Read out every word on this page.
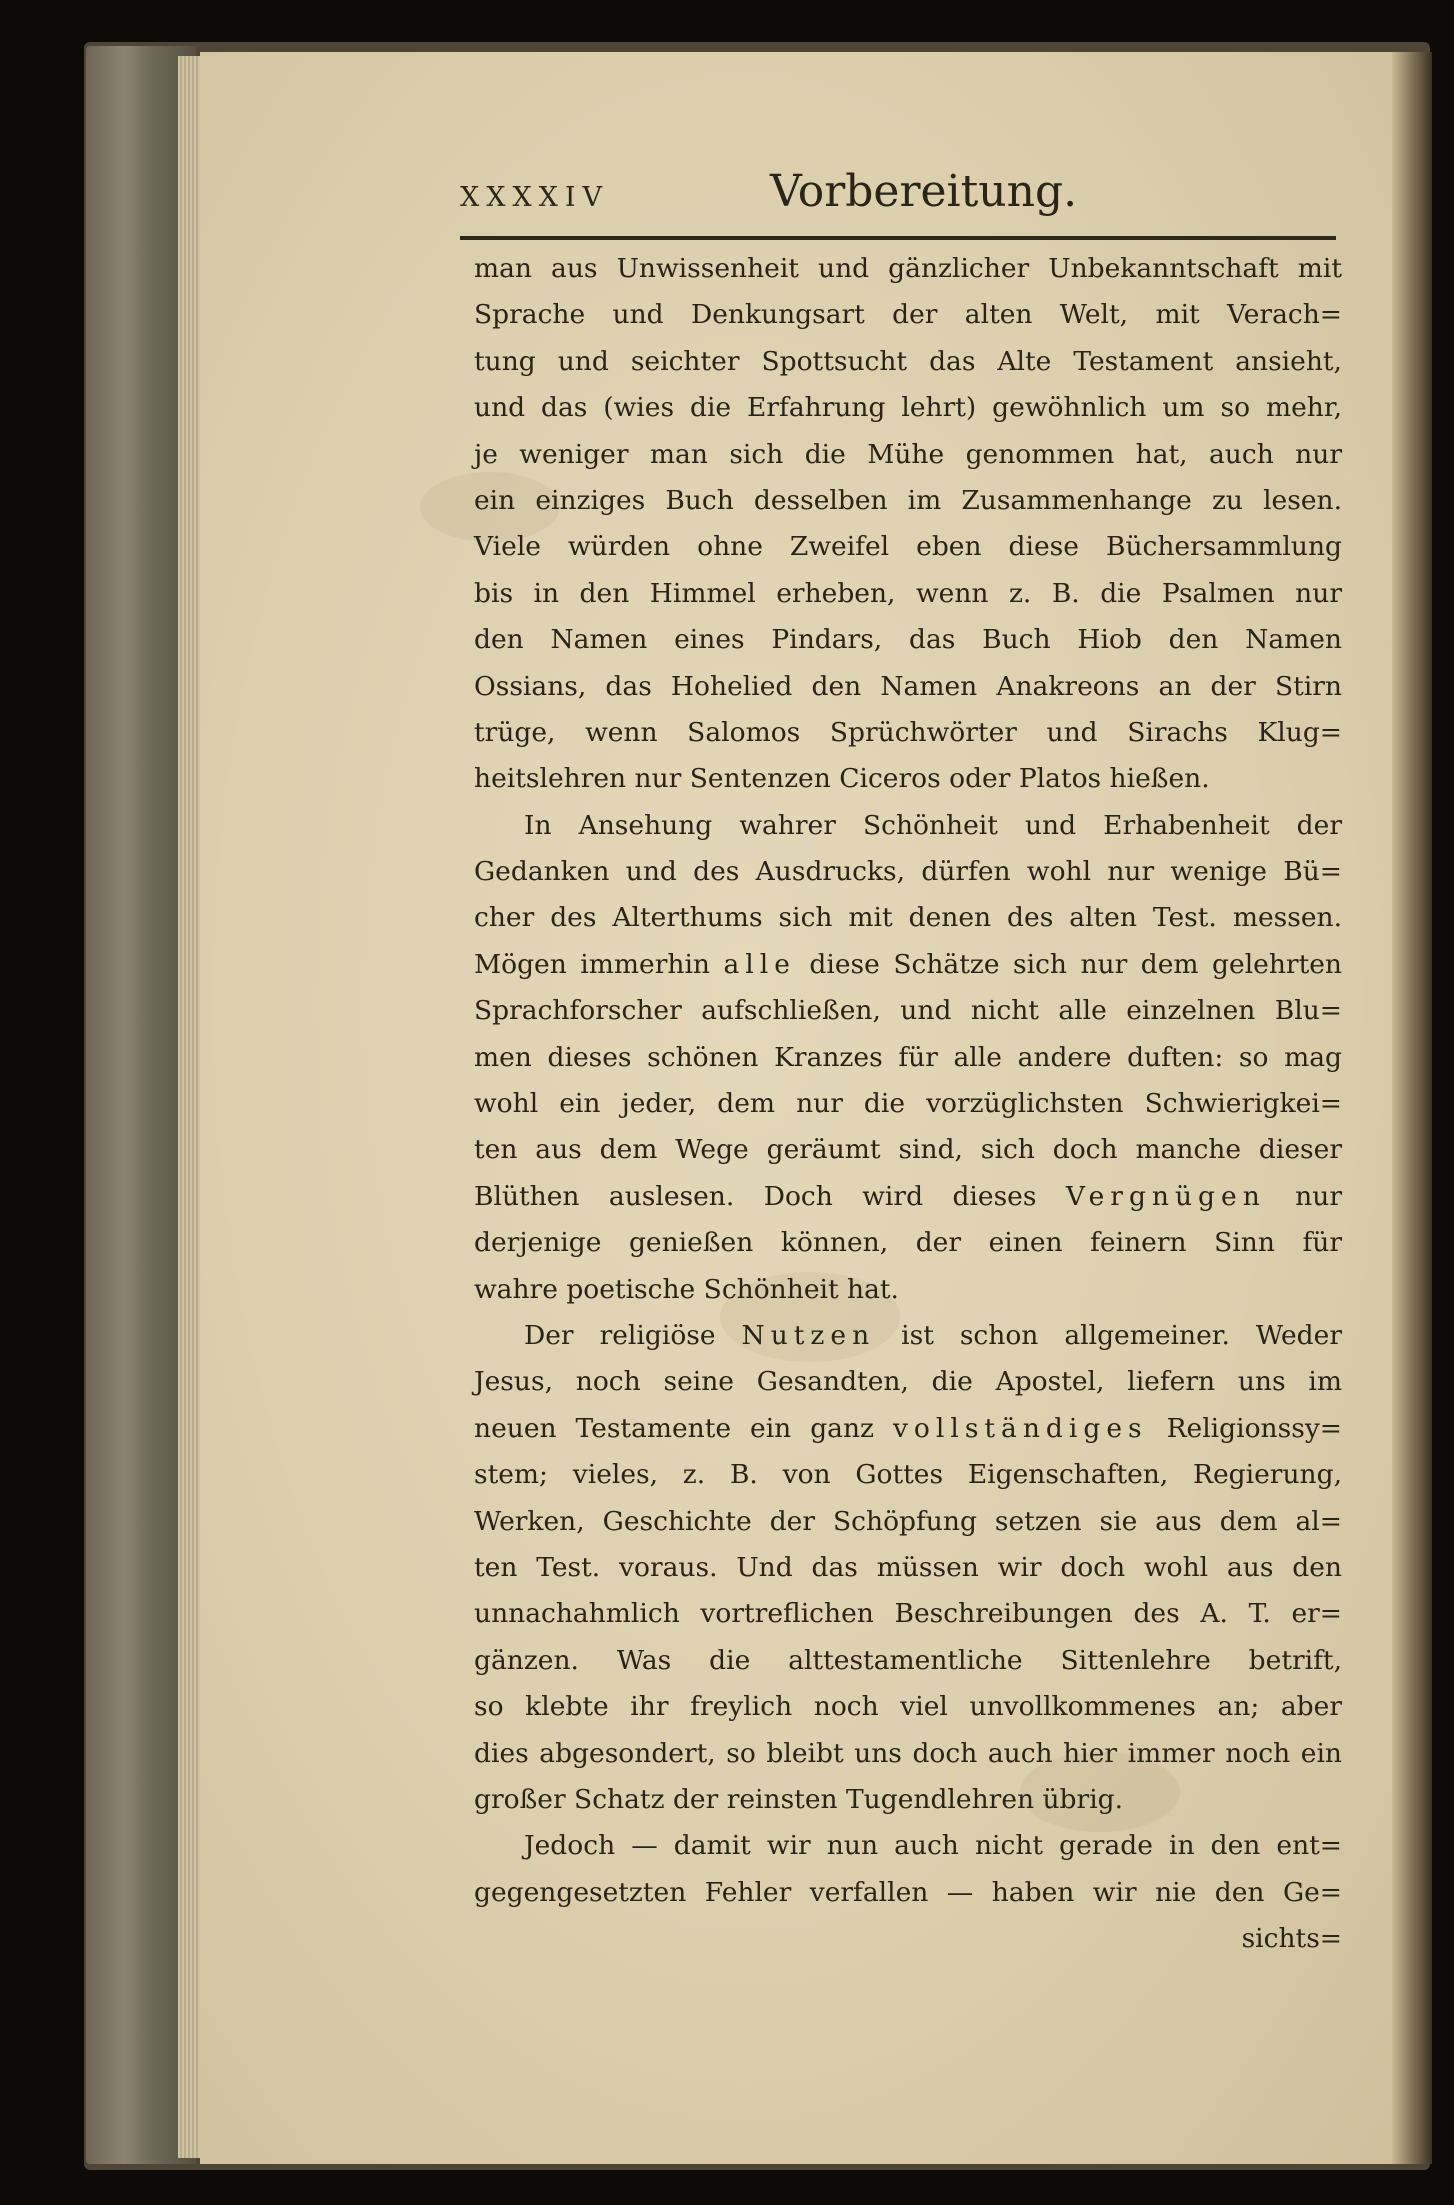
XXXXIV	Vorbereitung.
man aus Unwissenheit und gänzlicher Unbekanntschaft mit
Sprache und Denkungsart der alten Welt, mit Verach=
tung und seichter Spottsucht das Alte Testament ansieht,
und das (wies die Erfahrung lehrt) gewöhnlich um so mehr,
je weniger man sich die Mühe genommen hat, auch nur
ein einziges Buch desselben im Zusammenhange zu lesen.
Viele würden ohne Zweifel eben diese Büchersammlung
bis in den Himmel erheben, wenn z. B. die Psalmen nur
den Namen eines Pindars, das Buch Hiob den Namen
Ossians, das Hohelied den Namen Anakreons an der Stirn
trüge, wenn Salomos Sprüchwörter und Sirachs Klug=
heitslehren nur Sentenzen Ciceros oder Platos hießen.
In Ansehung wahrer Schönheit und Erhabenheit der
Gedanken und des Ausdrucks, dürfen wohl nur wenige Bü=
cher des Alterthums sich mit denen des alten Test. messen.
Mögen immerhin alle diese Schätze sich nur dem gelehrten
Sprachforscher aufschließen, und nicht alle einzelnen Blu=
men dieses schönen Kranzes für alle andere duften: so mag
wohl ein jeder, dem nur die vorzüglichsten Schwierigkei=
ten aus dem Wege geräumt sind, sich doch manche dieser
Blüthen auslesen. Doch wird dieses Vergnügen nur
derjenige genießen können, der einen feinern Sinn für
wahre poetische Schönheit hat.
Der religiöse Nutzen ist schon allgemeiner. Weder
Jesus, noch seine Gesandten, die Apostel, liefern uns im
neuen Testamente ein ganz vollständiges Religionssy=
stem; vieles, z. B. von Gottes Eigenschaften, Regierung,
Werken, Geschichte der Schöpfung setzen sie aus dem al=
ten Test. voraus. Und das müssen wir doch wohl aus den
unnachahmlich vortreflichen Beschreibungen des A. T. er=
gänzen. Was die alttestamentliche Sittenlehre betrift,
so klebte ihr freylich noch viel unvollkommenes an; aber
dies abgesondert, so bleibt uns doch auch hier immer noch ein
großer Schatz der reinsten Tugendlehren übrig.
Jedoch — damit wir nun auch nicht gerade in den ent=
gegengesetzten Fehler verfallen — haben wir nie den Ge=
sichts=
